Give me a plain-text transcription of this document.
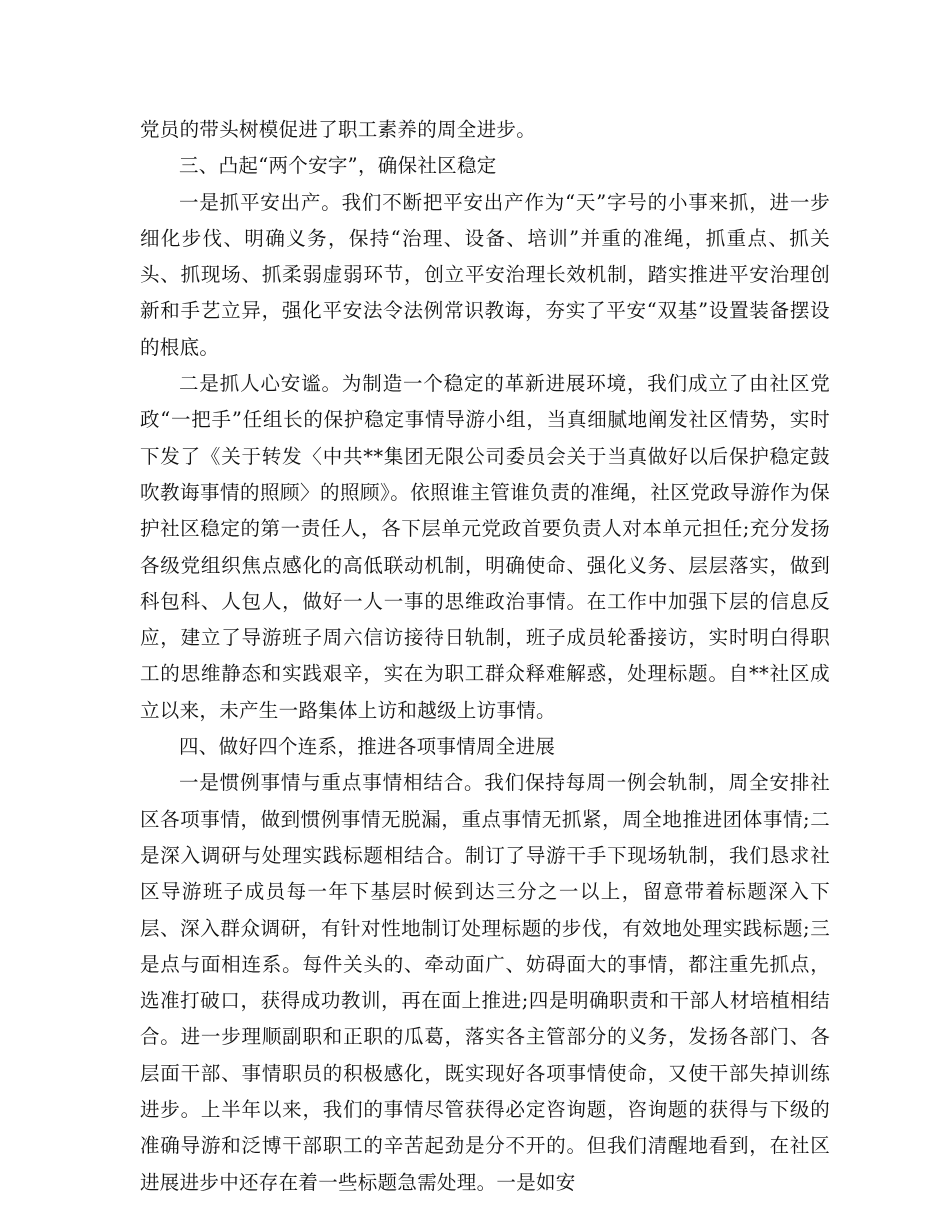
党员的带头树模促进了职工素养的周全进步。

三、凸起“两个安字”，确保社区稳定

一是抓平安出产。我们不断把平安出产作为“天”字号的小事来抓，进一步细化步伐、明确义务，保持“治理、设备、培训”并重的准绳，抓重点、抓关头、抓现场、抓柔弱虚弱环节，创立平安治理长效机制，踏实推进平安治理创新和手艺立异，强化平安法令法例常识教诲，夯实了平安“双基”设置装备摆设的根底。

二是抓人心安谧。为制造一个稳定的革新进展环境，我们成立了由社区党政“一把手”任组长的保护稳定事情导游小组，当真细腻地阐发社区情势，实时下发了《关于转发〈中共**集团无限公司委员会关于当真做好以后保护稳定鼓吹教诲事情的照顾〉的照顾》。依照谁主管谁负责的准绳，社区党政导游作为保护社区稳定的第一责任人，各下层单元党政首要负责人对本单元担任;充分发扬各级党组织焦点感化的高低联动机制，明确使命、强化义务、层层落实，做到科包科、人包人，做好一人一事的思维政治事情。在工作中加强下层的信息反应，建立了导游班子周六信访接待日轨制，班子成员轮番接访，实时明白得职工的思维静态和实践艰辛，实在为职工群众释难解惑，处理标题。自**社区成立以来，未产生一路集体上访和越级上访事情。

四、做好四个连系，推进各项事情周全进展

一是惯例事情与重点事情相结合。我们保持每周一例会轨制，周全安排社区各项事情，做到惯例事情无脱漏，重点事情无抓紧，周全地推进团体事情;二是深入调研与处理实践标题相结合。制订了导游干手下现场轨制，我们恳求社区导游班子成员每一年下基层时候到达三分之一以上，留意带着标题深入下层、深入群众调研，有针对性地制订处理标题的步伐，有效地处理实践标题;三是点与面相连系。每件关头的、牵动面广、妨碍面大的事情，都注重先抓点，选准打破口，获得成功教训，再在面上推进;四是明确职责和干部人材培植相结合。进一步理顺副职和正职的瓜葛，落实各主管部分的义务，发扬各部门、各层面干部、事情职员的积极感化，既实现好各项事情使命，又使干部失掉训练进步。上半年以来，我们的事情尽管获得必定咨询题，咨询题的获得与下级的准确导游和泛博干部职工的辛苦起劲是分不开的。但我们清醒地看到，在社区进展进步中还存在着一些标题急需处理。一是如安
